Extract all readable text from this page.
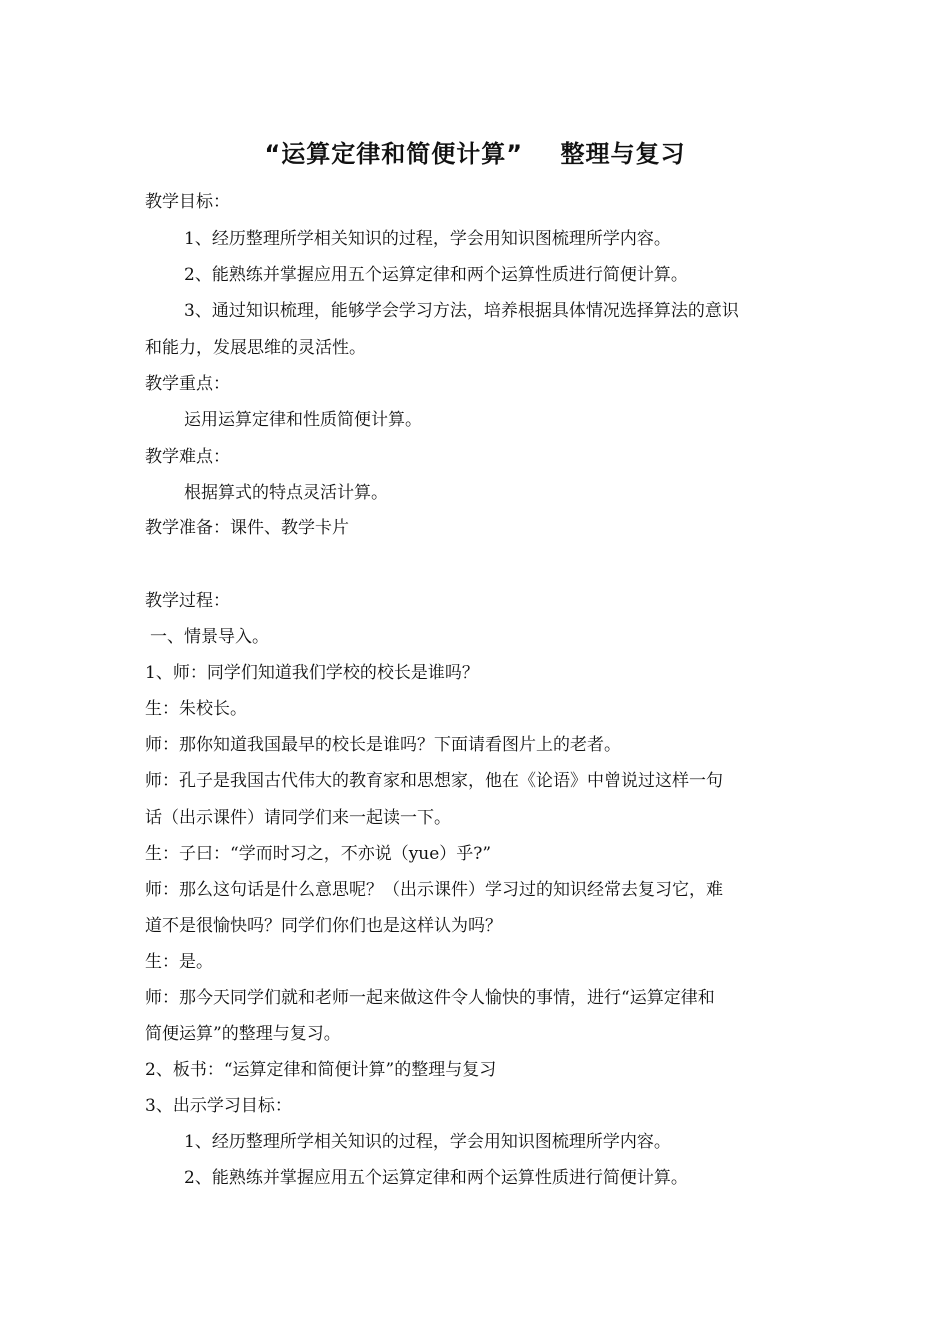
“运算定律和简便计算”    整理与复习
教学目标：
1、经历整理所学相关知识的过程，学会用知识图梳理所学内容。
2、能熟练并掌握应用五个运算定律和两个运算性质进行简便计算。
3、通过知识梳理，能够学会学习方法，培养根据具体情况选择算法的意识
和能力，发展思维的灵活性。
教学重点：
运用运算定律和性质简便计算。
教学难点：
根据算式的特点灵活计算。
教学准备：课件、教学卡片
教学过程：
一、情景导入。
1、师：同学们知道我们学校的校长是谁吗？
生：朱校长。
师：那你知道我国最早的校长是谁吗？下面请看图片上的老者。
师：孔子是我国古代伟大的教育家和思想家，他在《论语》中曾说过这样一句
话（出示课件）请同学们来一起读一下。
生：子曰：“学而时习之，不亦说（yue）乎?”
师：那么这句话是什么意思呢？（出示课件）学习过的知识经常去复习它，难
道不是很愉快吗？同学们你们也是这样认为吗？
生：是。
师：那今天同学们就和老师一起来做这件令人愉快的事情，进行“运算定律和
简便运算”的整理与复习。
2、板书：“运算定律和简便计算”的整理与复习
3、出示学习目标：
1、经历整理所学相关知识的过程，学会用知识图梳理所学内容。
2、能熟练并掌握应用五个运算定律和两个运算性质进行简便计算。
